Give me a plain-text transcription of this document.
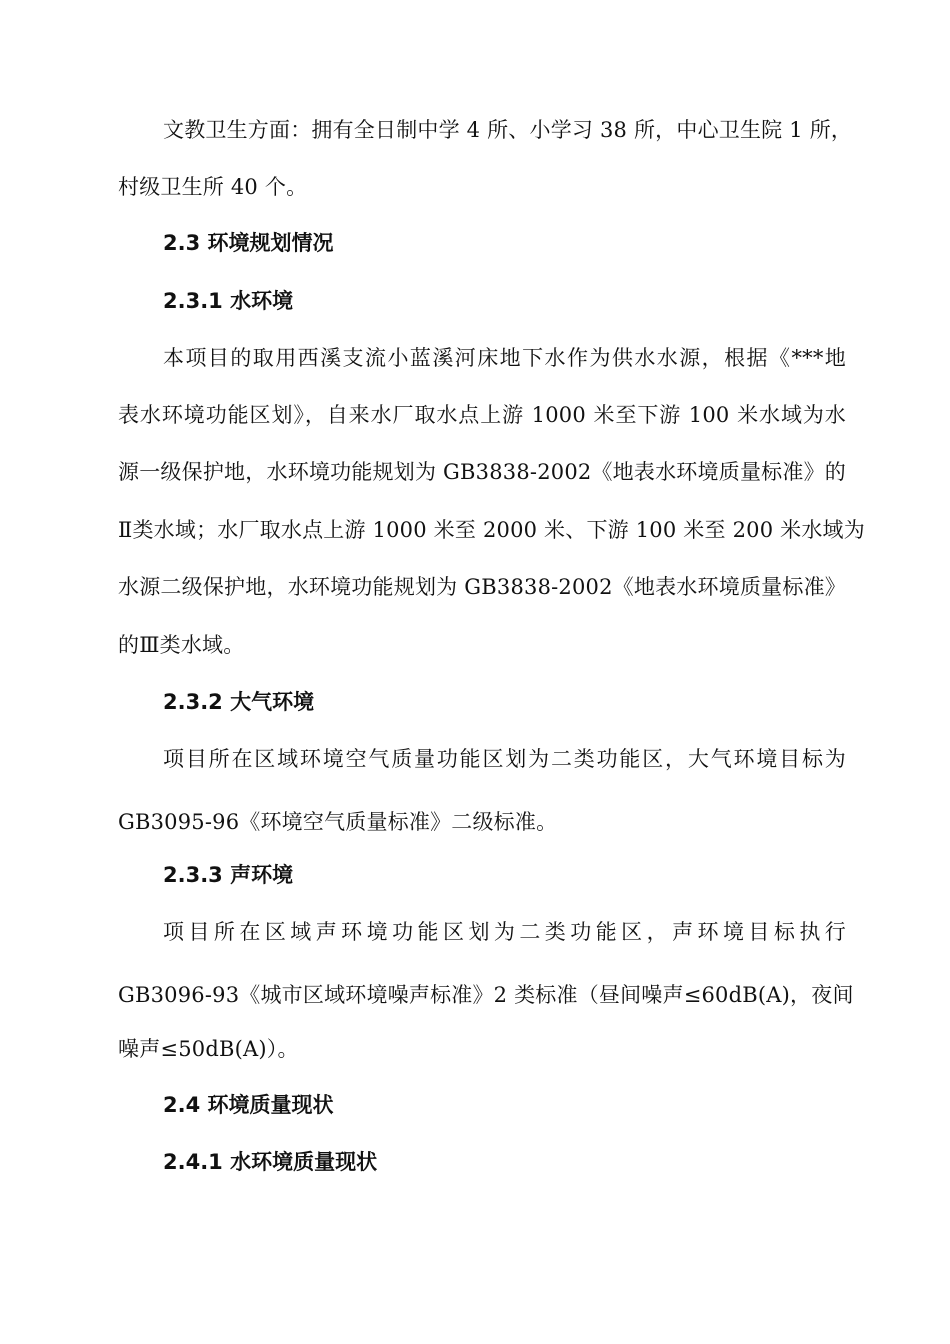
文教卫生方面：拥有全日制中学 4 所、小学习 38 所，中心卫生院 1 所，
村级卫生所 40 个。
2.3 环境规划情况
2.3.1 水环境
本项目的取用西溪支流小蓝溪河床地下水作为供水水源，根据《***地
表水环境功能区划》，自来水厂取水点上游 1000 米至下游 100 米水域为水
源一级保护地，水环境功能规划为 GB3838-2002《地表水环境质量标准》的
Ⅱ类水域；水厂取水点上游 1000 米至 2000 米、下游 100 米至 200 米水域为
水源二级保护地，水环境功能规划为 GB3838-2002《地表水环境质量标准》
的Ⅲ类水域。
2.3.2 大气环境
项目所在区域环境空气质量功能区划为二类功能区，大气环境目标为
GB3095-96《环境空气质量标准》二级标准。
2.3.3 声环境
项目所在区域声环境功能区划为二类功能区，声环境目标执行
GB3096-93《城市区域环境噪声标准》2 类标准（昼间噪声≤60dB(A)，夜间
噪声≤50dB(A)）。
2.4 环境质量现状
2.4.1 水环境质量现状
